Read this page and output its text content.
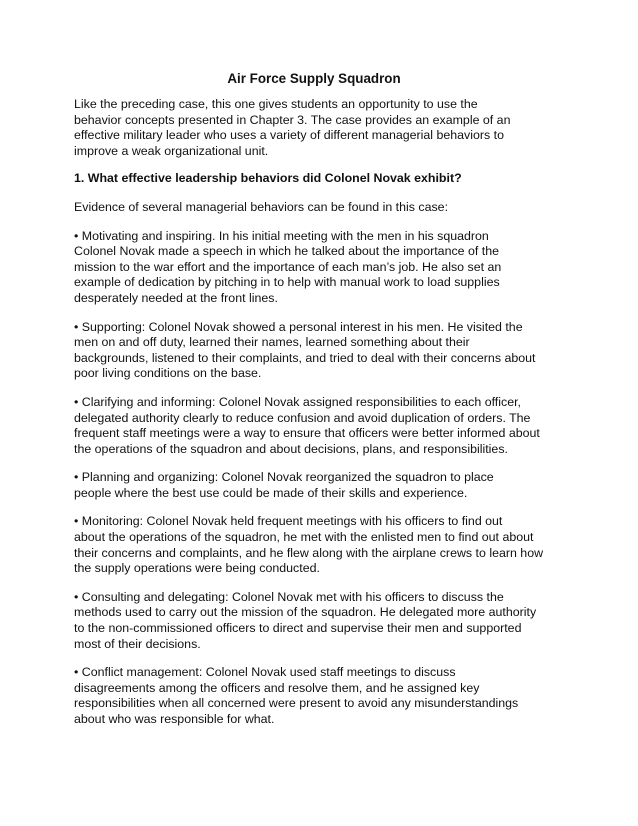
Air Force Supply Squadron

Like the preceding case, this one gives students an opportunity to use the
behavior concepts presented in Chapter 3. The case provides an example of an
effective military leader who uses a variety of different managerial behaviors to
improve a weak organizational unit.

1. What effective leadership behaviors did Colonel Novak exhibit?

Evidence of several managerial behaviors can be found in this case:

• Motivating and inspiring. In his initial meeting with the men in his squadron
Colonel Novak made a speech in which he talked about the importance of the
mission to the war effort and the importance of each man’s job. He also set an
example of dedication by pitching in to help with manual work to load supplies
desperately needed at the front lines.

• Supporting: Colonel Novak showed a personal interest in his men. He visited the
men on and off duty, learned their names, learned something about their
backgrounds, listened to their complaints, and tried to deal with their concerns about
poor living conditions on the base.

• Clarifying and informing: Colonel Novak assigned responsibilities to each officer,
delegated authority clearly to reduce confusion and avoid duplication of orders. The
frequent staff meetings were a way to ensure that officers were better informed about
the operations of the squadron and about decisions, plans, and responsibilities.

• Planning and organizing: Colonel Novak reorganized the squadron to place
people where the best use could be made of their skills and experience.

• Monitoring: Colonel Novak held frequent meetings with his officers to find out
about the operations of the squadron, he met with the enlisted men to find out about
their concerns and complaints, and he flew along with the airplane crews to learn how
the supply operations were being conducted.

• Consulting and delegating: Colonel Novak met with his officers to discuss the
methods used to carry out the mission of the squadron. He delegated more authority
to the non-commissioned officers to direct and supervise their men and supported
most of their decisions.

• Conflict management: Colonel Novak used staff meetings to discuss
disagreements among the officers and resolve them, and he assigned key
responsibilities when all concerned were present to avoid any misunderstandings
about who was responsible for what.
